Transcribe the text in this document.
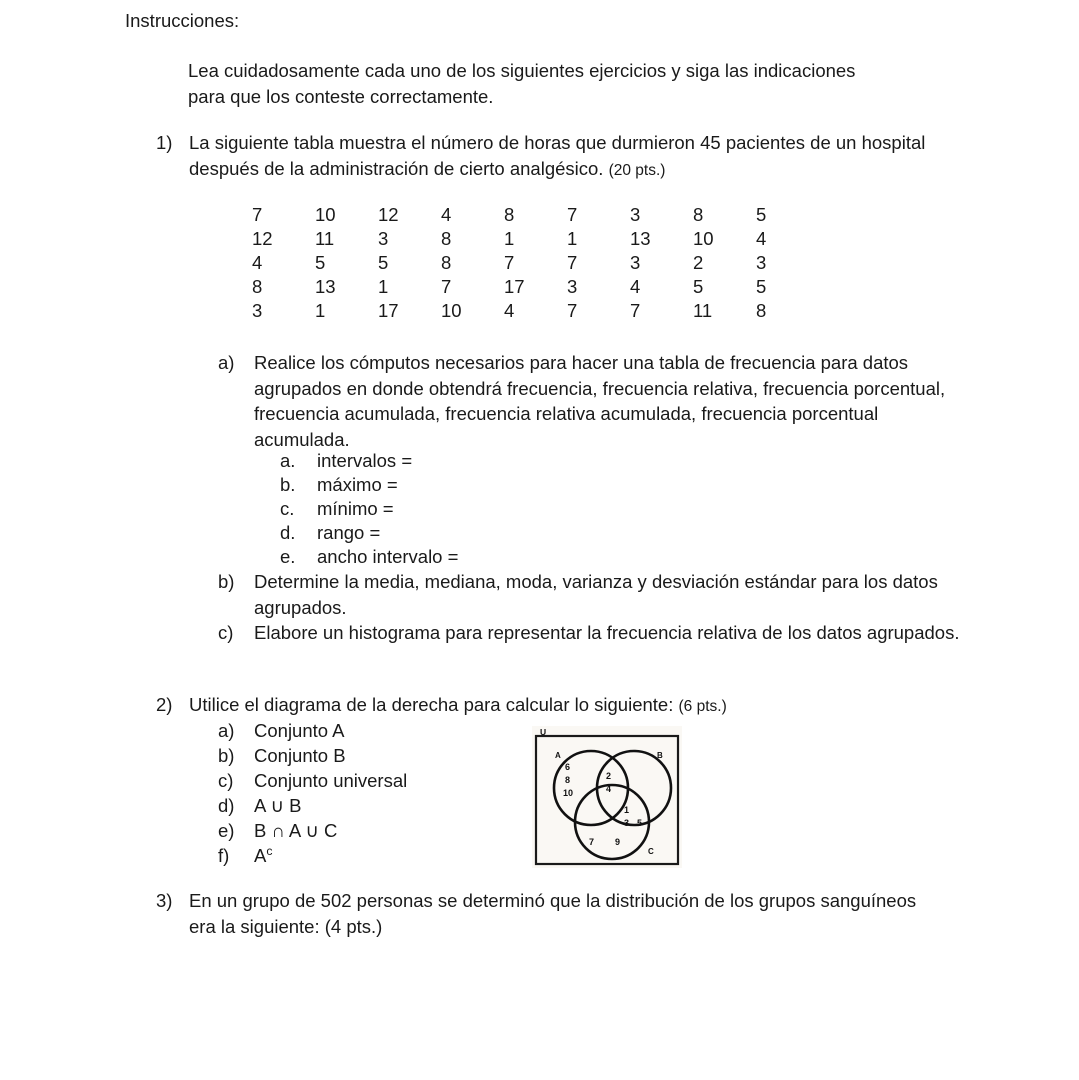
Instrucciones:
Lea cuidadosamente cada uno de los siguientes ejercicios y siga las indicaciones para que los conteste correctamente.
1) La siguiente tabla muestra el número de horas que durmieron 45 pacientes de un hospital después de la administración de cierto analgésico. (20 pts.)
7	10	12	4	8	7	3	8	5
12	11	3	8	1	1	13	10	4
4	5	5	8	7	7	3	2	3
8	13	1	7	17	3	4	5	5
3	1	17	10	4	7	7	11	8
a)	Realice los cómputos necesarios para hacer una tabla de frecuencia para datos agrupados en donde obtendrá frecuencia, frecuencia relativa, frecuencia porcentual, frecuencia acumulada, frecuencia relativa acumulada, frecuencia porcentual acumulada.
a.	intervalos =
b.	máximo =
c.	mínimo =
d.	rango =
e.	ancho intervalo =
b)	Determine la media, mediana, moda, varianza y desviación estándar para los datos agrupados.
c)	Elabore un histograma para representar la frecuencia relativa de los datos agrupados.
2) Utilice el diagrama de la derecha para calcular lo siguiente: (6 pts.)
a)	Conjunto A
b)	Conjunto B
c)	Conjunto universal
d)	A ∪ B
e)	B ∩ A ∪ C
f)	$A^c$
U
A	B
C
6
8
10
2
4
1
3 5
7 9
3) En un grupo de 502 personas se determinó que la distribución de los grupos sanguíneos era la siguiente: (4 pts.)
